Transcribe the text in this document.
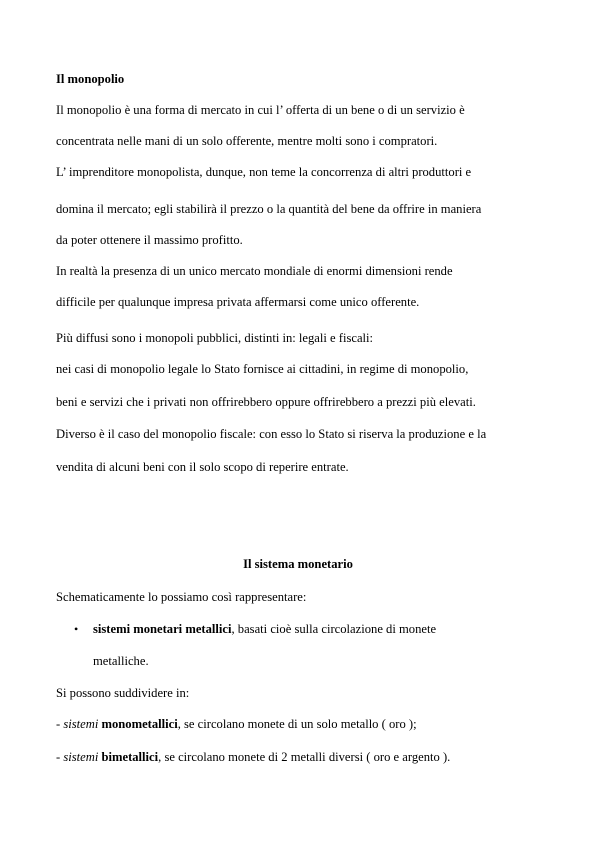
Il monopolio
Il monopolio è una forma di mercato in cui l’ offerta di un bene o di un servizio è
concentrata nelle mani di un solo offerente, mentre molti sono i compratori.
L’ imprenditore monopolista, dunque, non teme la concorrenza di altri produttori e
domina il mercato; egli stabilirà il prezzo o la quantità del bene da offrire in maniera
da poter ottenere il massimo profitto.
In realtà la presenza di un unico mercato mondiale di enormi dimensioni rende
difficile per qualunque impresa privata affermarsi come unico offerente.
Più diffusi sono i monopoli pubblici, distinti in: legali e fiscali:
nei casi di monopolio legale lo Stato fornisce ai cittadini, in regime di monopolio,
beni e servizi che i privati non offrirebbero oppure offrirebbero a prezzi più elevati.
Diverso è il caso del monopolio fiscale: con esso lo Stato si riserva la produzione e la
vendita di alcuni beni con il solo scopo di reperire entrate.
Il sistema monetario
Schematicamente lo possiamo così rappresentare:
• sistemi monetari metallici, basati cioè sulla circolazione di monete
metalliche.
Si possono suddividere in:
- sistemi monometallici, se circolano monete di un solo metallo ( oro );
- sistemi bimetallici, se circolano monete di 2 metalli diversi ( oro e argento ).
